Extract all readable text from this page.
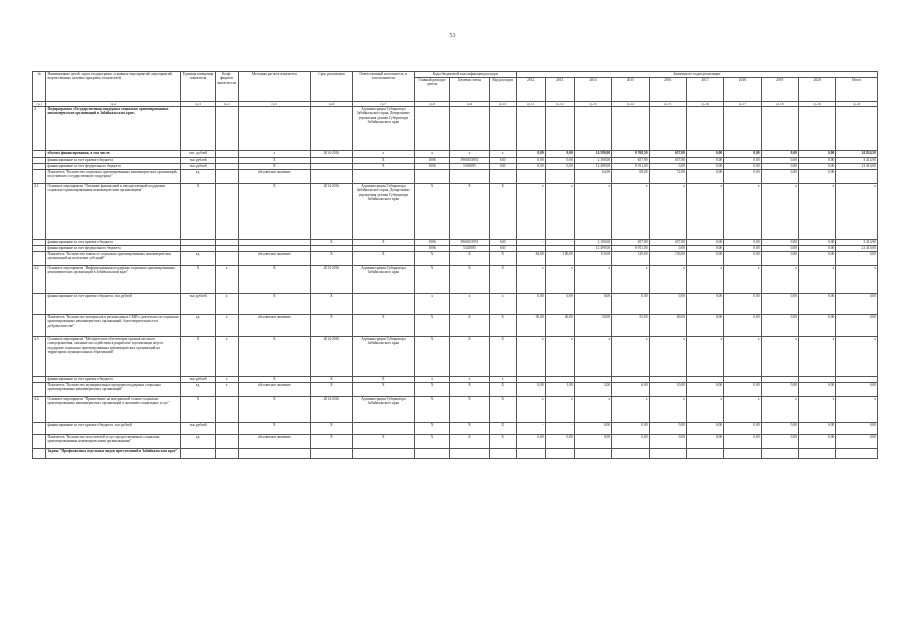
53
№	Наименование целей, задач, подпрограмм, основных мероприятий, мероприятий, ведомственных целевых программ, показателей	Единица измерения показателя	Коэф-фициент значи-мости	Методика расчета показателя	Срок реализации	Ответственный исполнитель, и соисполнители	Коды бюджетной классификации расходов			Значения по годам реализации									
							Главный распоря-дитель	Целевая статья	Вид расходов	2012	2013	2014	2015	2016	2017	2018	2019	2020	Итого
гр.1	гр.2	гр.3	гр.4	гр.5	гр.6	гр.7	гр.8	гр.9	гр.10	гр.11	гр.12	гр.13	гр.14	гр.15	гр.16	гр.17	гр.18	гр.19	гр.20
4.	Подпрограмма «Государственная поддержка социально ориентированных некоммерческих организаций в Забайкальском крае»					Администрация Губернатора Забайкальского края, Департамент управления делами Губернатора Забайкальского края													
	объемы финансирования, в том числе:	тыс. рублей		x	2014-2016	x	x	x	x	0,00	0,00	14 599,00	9 768,50	657,00	0,00	0,00	0,00	0,00	24 824,50
	финансирование за счет краевого бюджета	тыс.рублей		X		X	1006	5960103951	630	0,00	0,00	2 100,00	657,90	657,00	0,00	0,00	0,00	0,00	3 414,90
	финансирование за счет федерального бюджета	тыс.рублей		X		X	1006	5345085	630	0,00	0,00	12 499,00	8 911,00	0,00	0,00	0,00	0,00	0,00	21 410,00
	Показатель "Количество социально ориентированных некоммерческих организаций, получивших государственную поддержку"	ед.		абсолютное значение								64,00	68,00	72,00	0,00	0,00	0,00	0,00	
4.1.	Основное мероприятие "Оказание финансовой и имущественной поддержки социально ориентированным некоммерческим организациям"	X		X	2014-2016	Администрация Губернатора Забайкальского края, Департамент управления делами Губернатора Забайкальского края	X	X	X	x	x	x	x	x	x	x	x	x	x
	финансирование за счет краевого бюджета				X	X	1006	5960103951	630	-	-	2 100,00	657,90	657,00	0,00	0,00	0,00	0,00	3 414,90
	финансирование за счет федерального бюджета						1006	5345085	630			12 499,00	8 911,00	0,00	0,00	0,00	0,00	0,00	21 410,00
	Показатель "Количество заявок от социально ориентированных некоммерческих организаций на получение субсидий"	ед.		абсолютное значение	X	X	X	X	X	84,00	100,00	110,00	120,00	130,00	0,00	0,00	0,00	0,00	0,00
4.2	Основное мероприятие "Информационная поддержка социально ориентированных некоммерческих организаций в Забайкальском крае"	X	x	X	2014-2016	Администрация Губернатора Забайкальского края	X	X	X	x	x	x	x	x	x	x	x	x	x
	финансирование за счет краевого бюджета, тыс.рублей	тыс.рублей	x	X	X		x	x	x	0,00	0,00	0,00	0,00	0,00	0,00	0,00	0,00	0,00	0,00
	Показатель "Количество материалов в региональных СМИ о деятельности социально ориентированных некоммерческих организаций, благотворительности и добровольчестве"	ед.	x	абсолютное значение	X	X	X	X	X	30,00	40,00	50,00	55,00	60,00	0,00	0,00	0,00	0,00	0,00
4.3	Основное мероприятие "Методическое обеспечение органов местного самоуправления, оказание им содействия в разработке и реализации мер по поддержке социально ориентированных некоммерческих организаций на территориях муниципальных образований"	X	x	X	2014-2016	Администрация Губернатора Забайкальского края	X	X	X	x	x	x	x	x	x	x	x	x	x
	финансирование за счет краевого бюджета	тыс.рублей	x	X	X	X	x	x	x										
	Показатель "Количество муниципальных программ поддержки социально ориентированных некоммерческих организаций"	ед.	x	абсолютное значение	X	X	X	X	X	0,00	1,00	2,00	6,00	10,00	0,00	0,00	0,00	0,00	0,00
4.4.	Основное мероприятие "Привлечение на контрактной основе социально ориентированных некоммерческих организаций к оказанию социальных услуг"	X		X	2014-2016	Администрация Губернатора Забайкальского края	X	X	X	x	x	x	x	x	x	x	x	x	x
	финансирование за счет краевого бюджета, тыс.рублей	тыс.рублей		X	X		X	X	X	-	-	0,00	0,00	0,00	0,00	0,00	0,00	0,00	0,00
	Показатель "Количество получателей услуг, предоставляемых социально ориентированными некоммерческими организациями"	ед.		абсолютное значение	X	X	X	X	X	0,00	0,00	0,00	0,00	0,00	0,00	0,00	0,00	0,00	0,00
	Задача "Профилактика отдельных видов преступлений в Забайкальском крае"																		
